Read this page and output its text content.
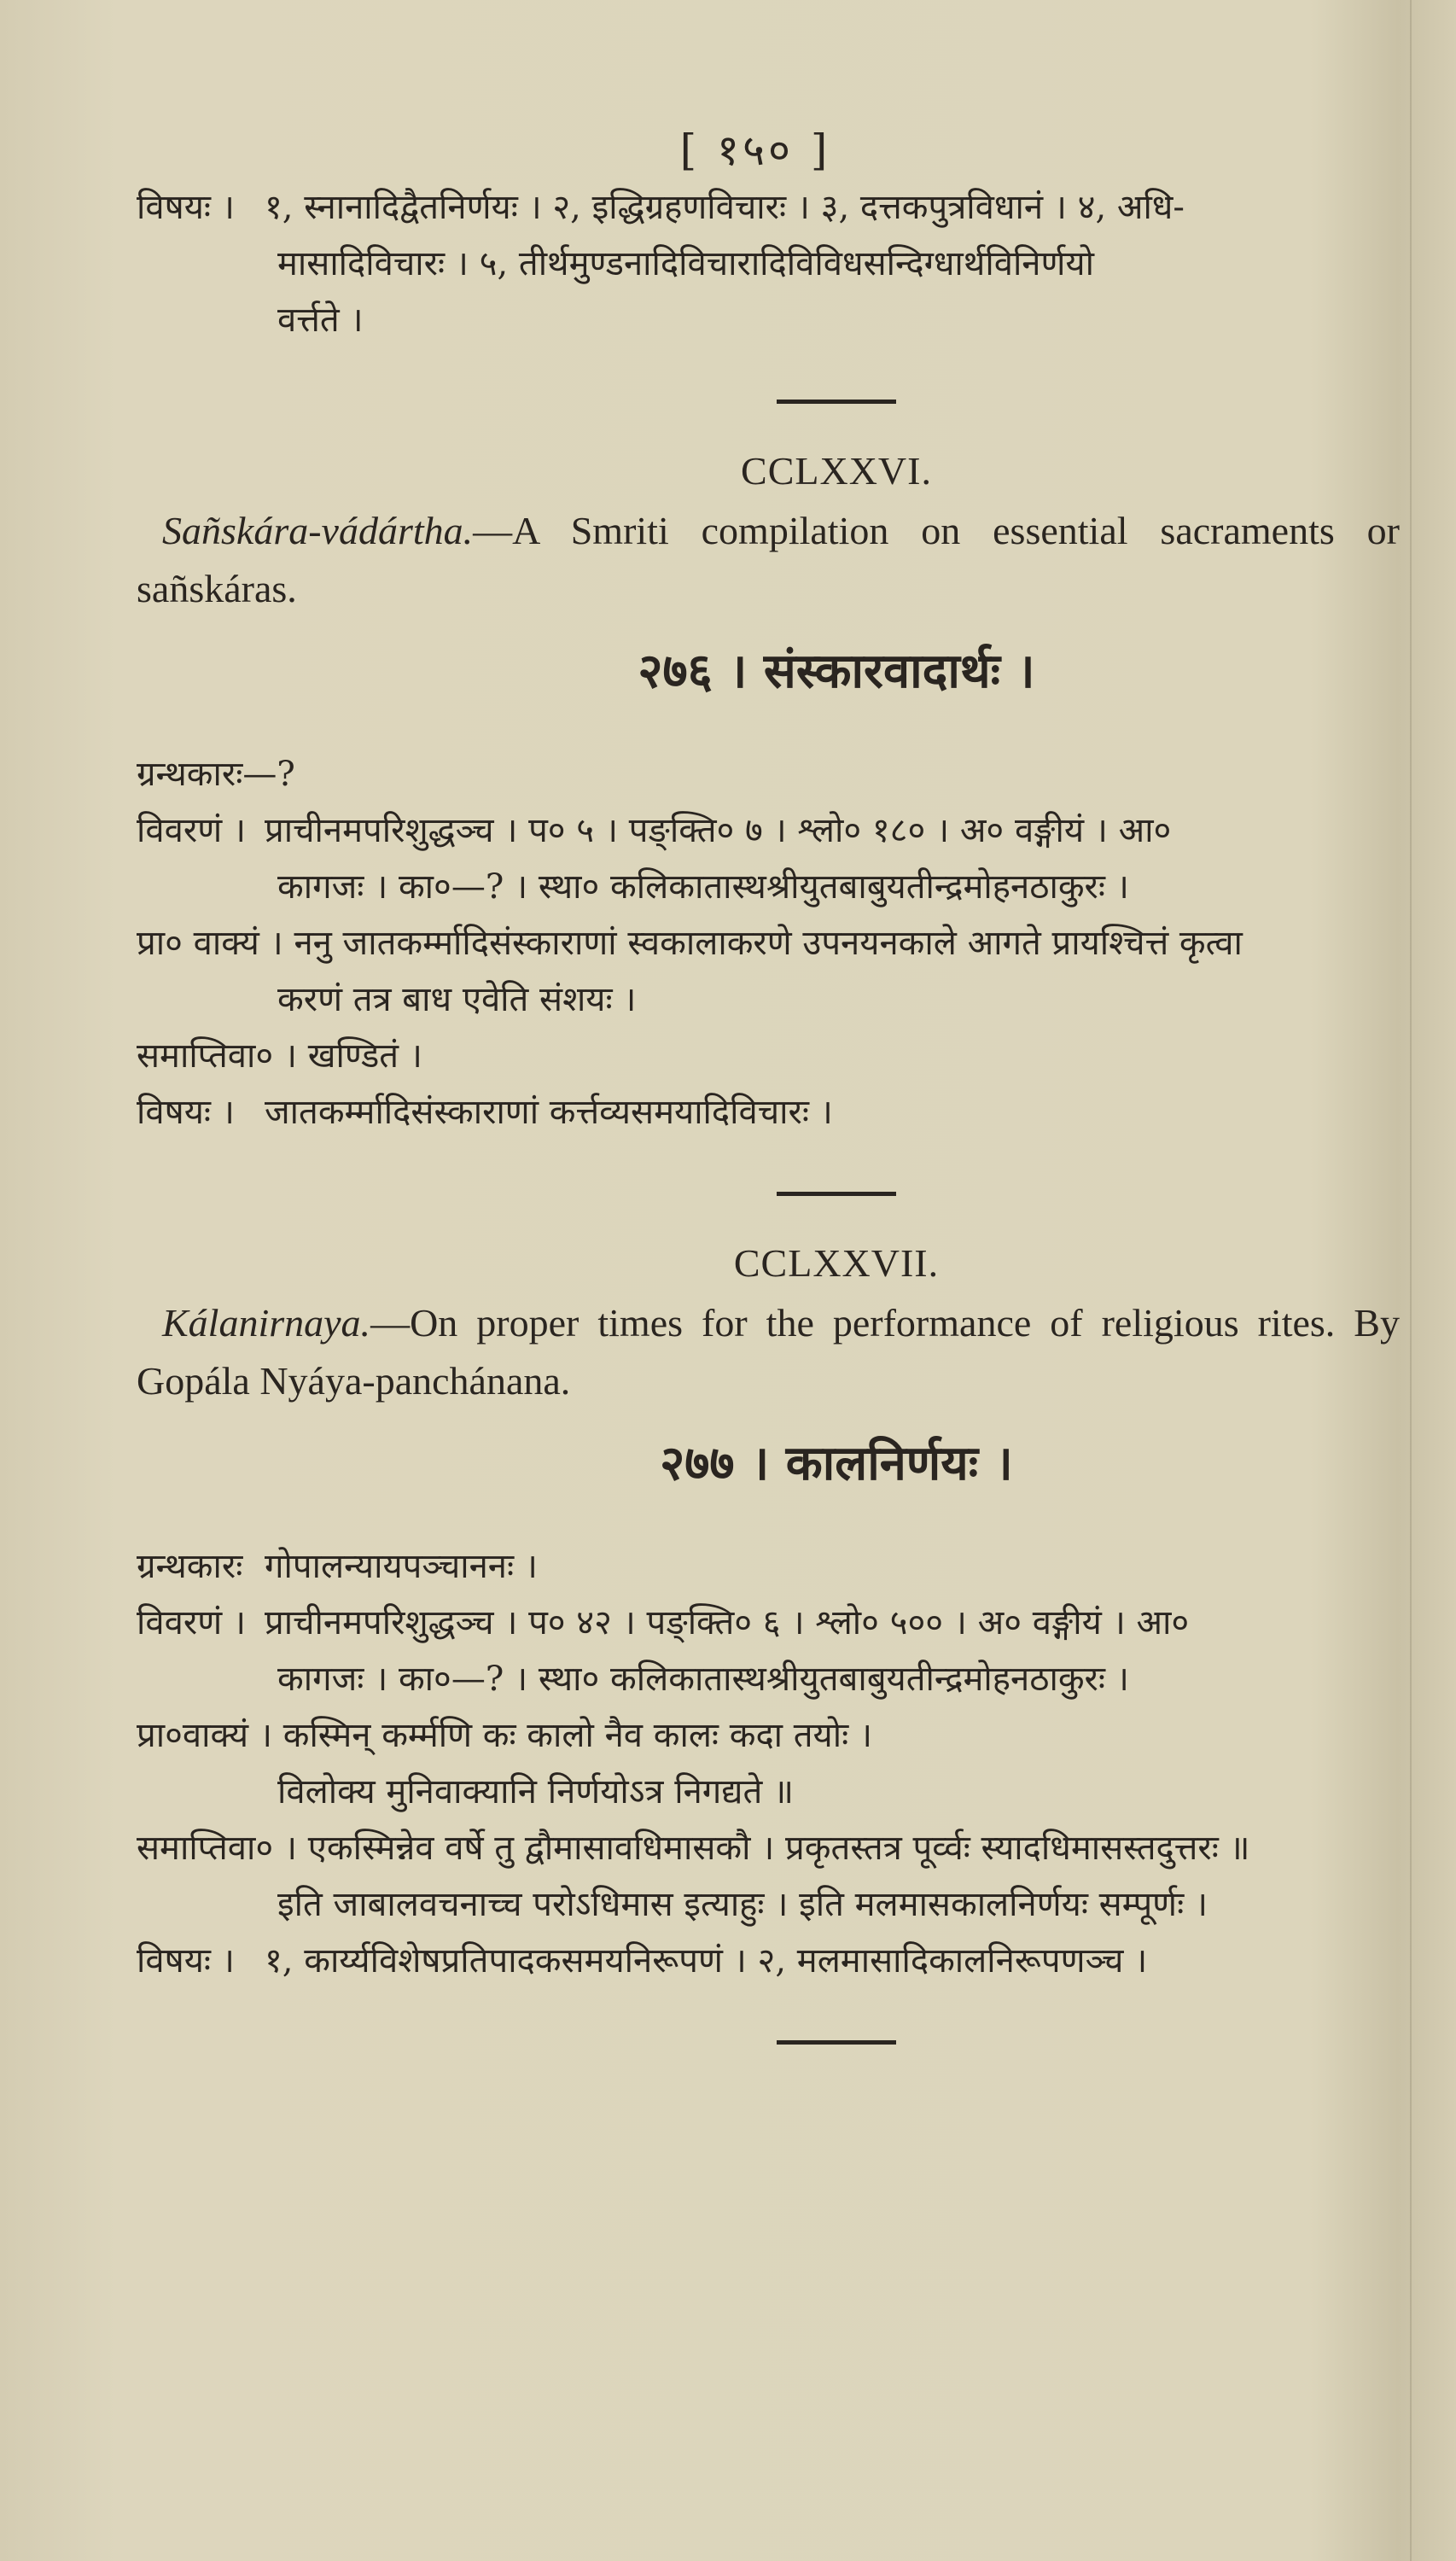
[ १५० ]

विषयः । १, स्नानादिद्वैतनिर्णयः । २, इद्धिग्रहणविचारः । ३, दत्तकपुत्रविधानं । ४, अधि-

मासादिविचारः । ५, तीर्थमुण्डनादिविचारादिविविधसन्दिग्धार्थविनिर्णयो

वर्त्तते ।

CCLXXVI.

Sañskára-vádártha.—A Smriti compilation on essential sacraments or sañskáras.

२७६ । संस्कारवादार्थः ।

ग्रन्थकारः—?

विवरणं । प्राचीनमपरिशुद्धञ्च । प० ५ । पङ्क्ति० ७ । श्लो० १८० । अ० वङ्गीयं । आ०

कागजः । का०—? । स्था० कलिकातास्थश्रीयुतबाबुयतीन्द्रमोहनठाकुरः ।

प्रा० वाक्यं । ननु जातकर्म्मादिसंस्काराणां स्वकालाकरणे उपनयनकाले आगते प्रायश्चित्तं कृत्वा

करणं तत्र बाध एवेति संशयः ।

समाप्तिवा० । खण्डितं ।

विषयः । जातकर्म्मादिसंस्काराणां कर्त्तव्यसमयादिविचारः ।

CCLXXVII.

Kálanirnaya.—On proper times for the performance of religious rites. By Gopála Nyáya-panchánana.

२७७ । कालनिर्णयः ।

ग्रन्थकारः गोपालन्यायपञ्चाननः ।

विवरणं । प्राचीनमपरिशुद्धञ्च । प० ४२ । पङ्क्ति० ६ । श्लो० ५०० । अ० वङ्गीयं । आ०

कागजः । का०—? । स्था० कलिकातास्थश्रीयुतबाबुयतीन्द्रमोहनठाकुरः ।

प्रा०वाक्यं । कस्मिन् कर्म्मणि कः कालो नैव कालः कदा तयोः ।

विलोक्य मुनिवाक्यानि निर्णयोऽत्र निगद्यते ॥

समाप्तिवा० । एकस्मिन्नेव वर्षे तु द्वौमासावधिमासकौ । प्रकृतस्तत्र पूर्व्वः स्यादधिमासस्तदुत्तरः ॥

इति जाबालवचनाच्च परोऽधिमास इत्याहुः । इति मलमासकालनिर्णयः सम्पूर्णः ।

विषयः । १, कार्य्यविशेषप्रतिपादकसमयनिरूपणं । २, मलमासादिकालनिरूपणञ्च ।
